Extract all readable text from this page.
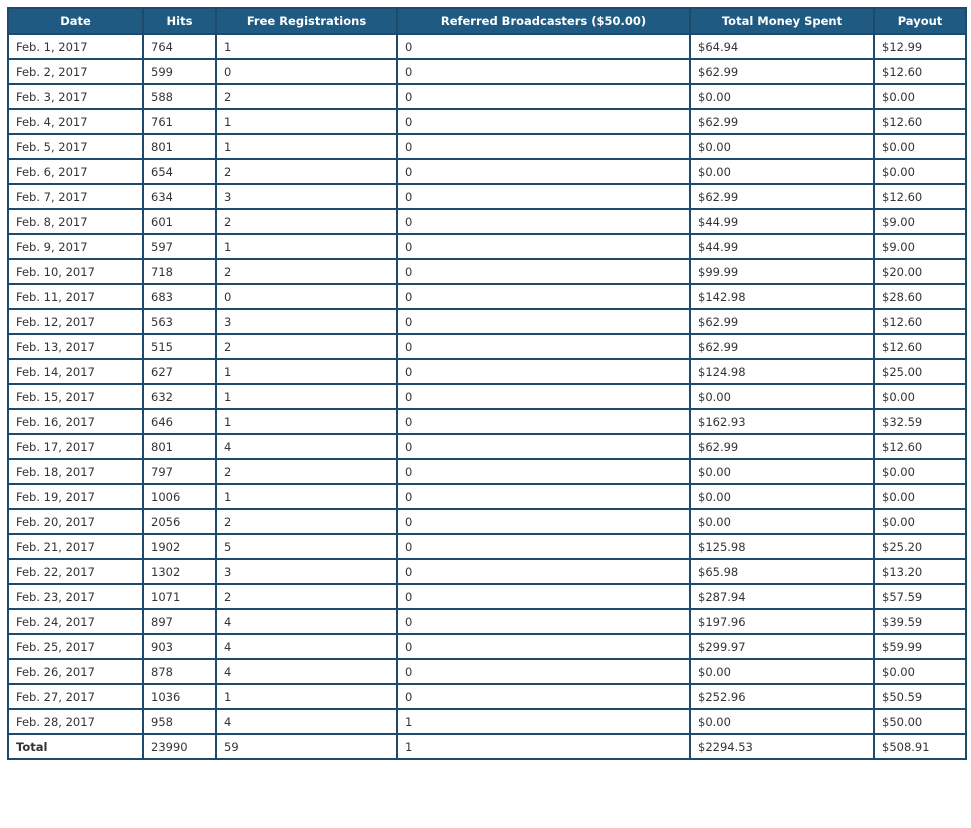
Date	Hits	Free Registrations	Referred Broadcasters ($50.00)	Total Money Spent	Payout
Feb. 1, 2017	764	1	0	$64.94	$12.99
Feb. 2, 2017	599	0	0	$62.99	$12.60
Feb. 3, 2017	588	2	0	$0.00	$0.00
Feb. 4, 2017	761	1	0	$62.99	$12.60
Feb. 5, 2017	801	1	0	$0.00	$0.00
Feb. 6, 2017	654	2	0	$0.00	$0.00
Feb. 7, 2017	634	3	0	$62.99	$12.60
Feb. 8, 2017	601	2	0	$44.99	$9.00
Feb. 9, 2017	597	1	0	$44.99	$9.00
Feb. 10, 2017	718	2	0	$99.99	$20.00
Feb. 11, 2017	683	0	0	$142.98	$28.60
Feb. 12, 2017	563	3	0	$62.99	$12.60
Feb. 13, 2017	515	2	0	$62.99	$12.60
Feb. 14, 2017	627	1	0	$124.98	$25.00
Feb. 15, 2017	632	1	0	$0.00	$0.00
Feb. 16, 2017	646	1	0	$162.93	$32.59
Feb. 17, 2017	801	4	0	$62.99	$12.60
Feb. 18, 2017	797	2	0	$0.00	$0.00
Feb. 19, 2017	1006	1	0	$0.00	$0.00
Feb. 20, 2017	2056	2	0	$0.00	$0.00
Feb. 21, 2017	1902	5	0	$125.98	$25.20
Feb. 22, 2017	1302	3	0	$65.98	$13.20
Feb. 23, 2017	1071	2	0	$287.94	$57.59
Feb. 24, 2017	897	4	0	$197.96	$39.59
Feb. 25, 2017	903	4	0	$299.97	$59.99
Feb. 26, 2017	878	4	0	$0.00	$0.00
Feb. 27, 2017	1036	1	0	$252.96	$50.59
Feb. 28, 2017	958	4	1	$0.00	$50.00
Total	23990	59	1	$2294.53	$508.91
